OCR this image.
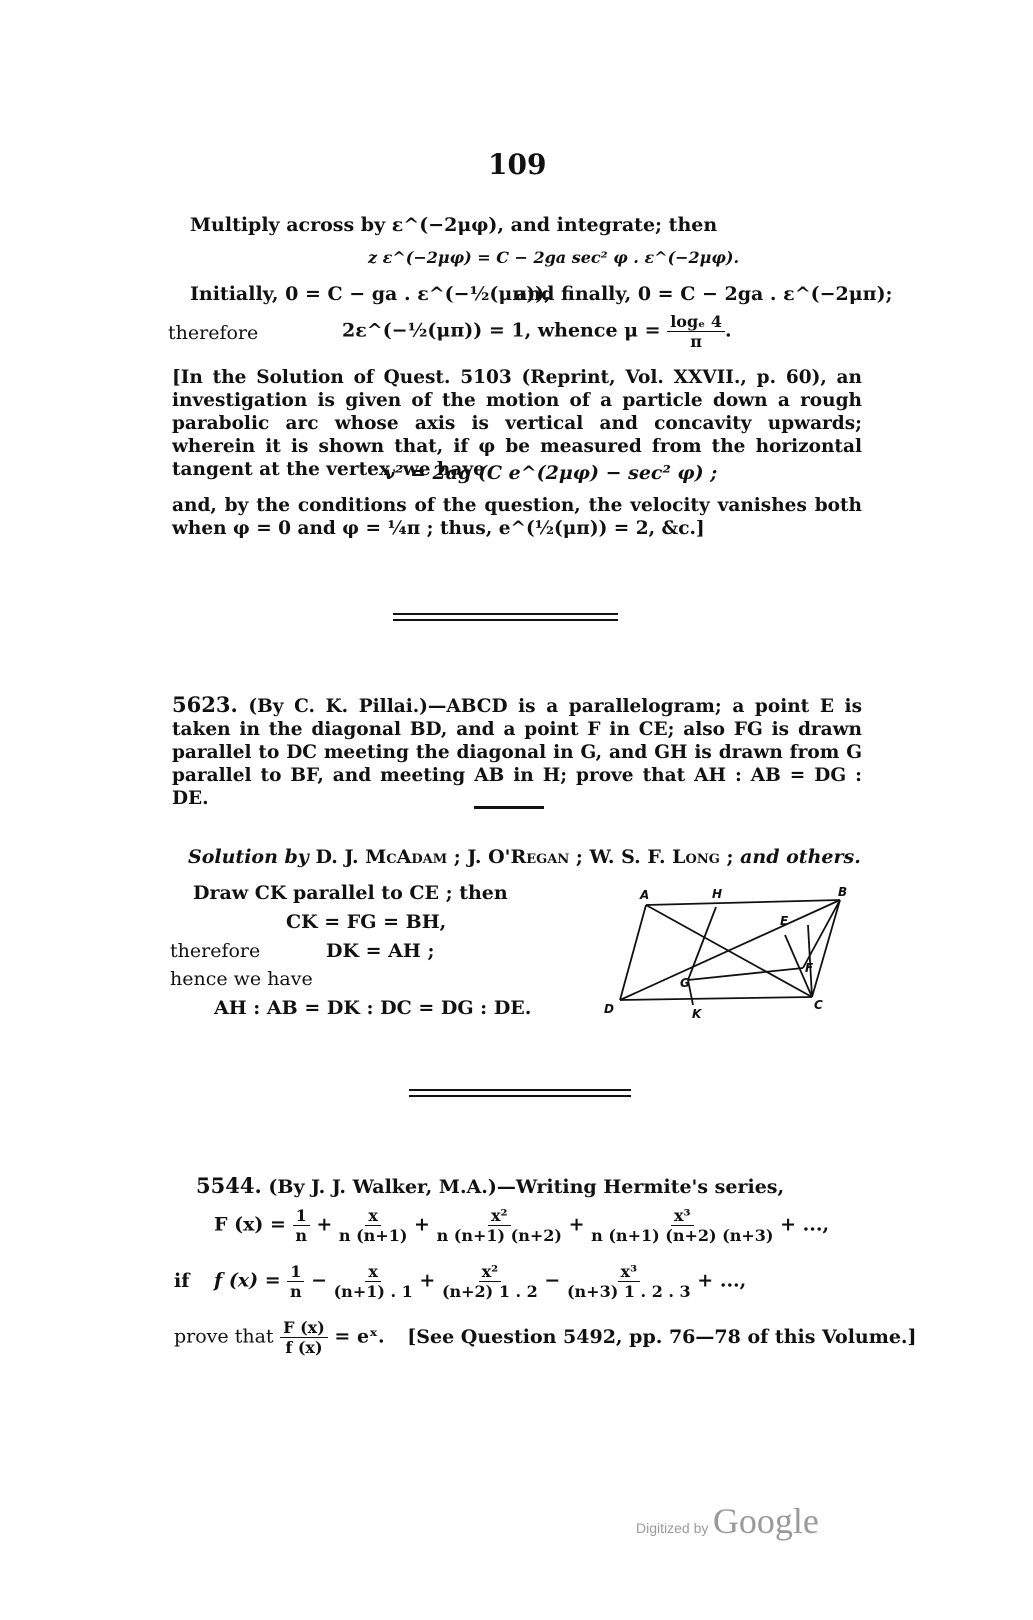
109
Multiply across by ε^(−2μφ), and integrate; then
z ε^(−2μφ) = C − 2ga sec² φ . ε^(−2μφ).
Initially, 0 = C − ga . ε^(−½(μπ)),
and finally, 0 = C − 2ga . ε^(−2μπ);
therefore	2ε^(−½(μπ)) = 1, whence $\mu = \frac{\text{logₑ 4}}{\pi}$ .
[In the Solution of Quest. 5103 (Reprint, Vol. XXVII., p. 60), an investigation is given of the motion of a particle down a rough parabolic arc whose axis is vertical and concavity upwards; wherein it is shown that, if φ be measured from the horizontal tangent at the vertex, we have
v² = 2ag (C e^(2μφ) − sec² φ) ;
and, by the conditions of the question, the velocity vanishes both when φ = 0 and φ = ¼π ; thus, e^(½(μπ)) = 2, &c.]
5623. (By C. K. Pillai.)—ABCD is a parallelogram; a point E is taken in the diagonal BD, and a point F in CE; also FG is drawn parallel to DC meeting the diagonal in G, and GH is drawn from G parallel to BF, and meeting AB in H; prove that AH : AB = DG : DE.
Solution by D. J. McAdam ; J. O'Regan ; W. S. F. Long ; and others.
Draw CK parallel to CE ; then
CK = FG = BH,
therefore	DK = AH ;
hence we have
AH : AB = DK : DC = DG : DE.
A	H	B
E
F
G
D	K
C
5544. (By J. J. Walker, M.A.)—Writing Hermite's series,
F $(x) = \frac{1}{n} + \frac{x}{n (n+1)} + \frac{\text{x²}}{n (n+1) (n+2)} + \frac{\text{x³}}{n (n+1) (n+2) (n+3)}$ + ...,
if f $(x) = \frac{1}{n} - \frac{x}{(n+1) . 1} + \frac{\text{x²}}{(n+2) 1 . 2} - \frac{\text{x³}}{(n+3) 1 . 2 . 3}$ + ...,
prove that $\frac{F (x)}{f (x)}$ = eˣ. [See Question 5492, pp. 76—78 of this Volume.]
Digitized by Google
